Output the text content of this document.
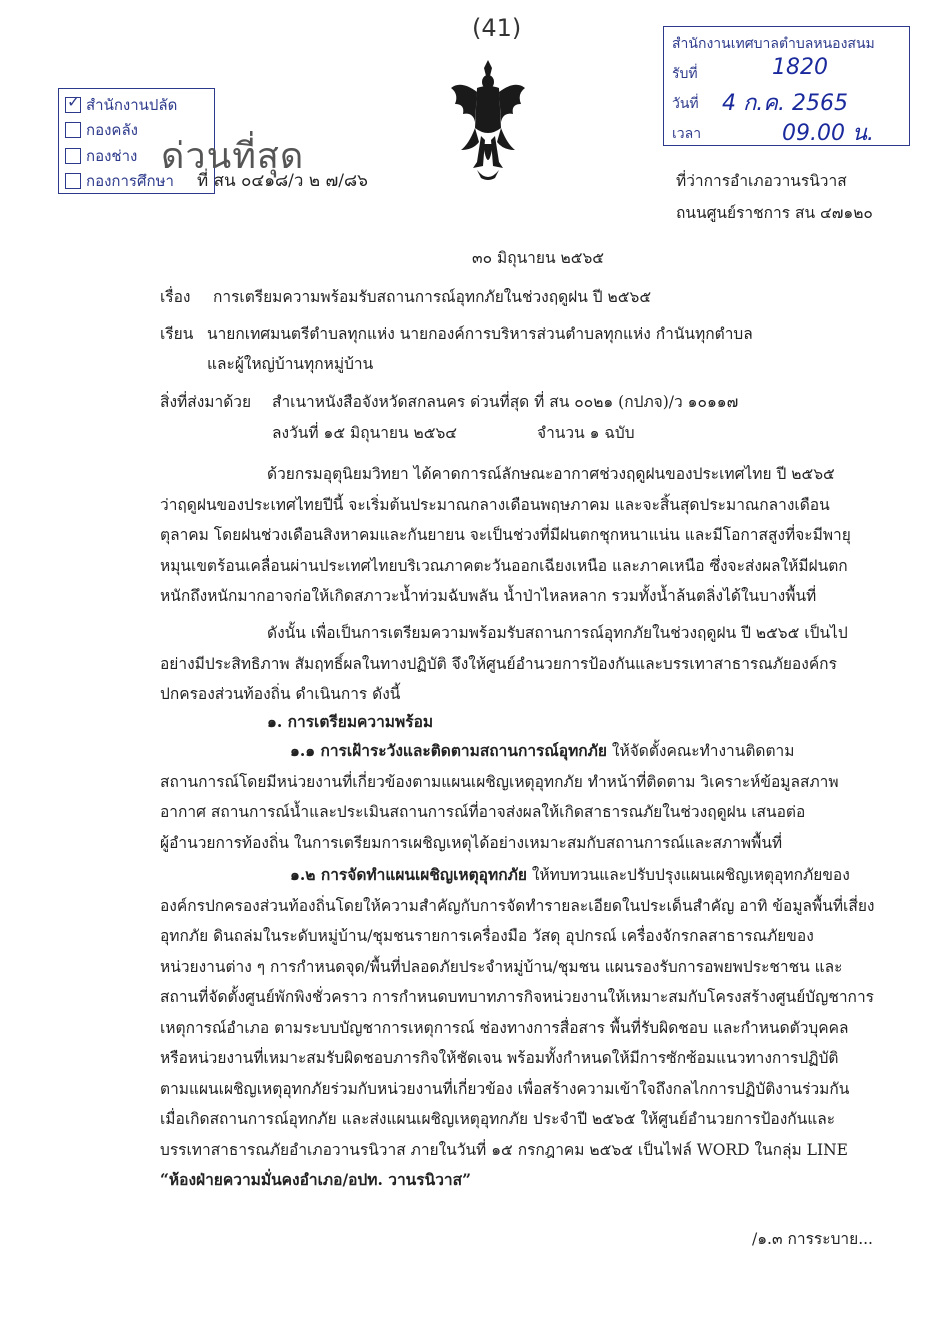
(41)
✓
สำนักงานปลัด
กองคลัง
กองช่าง
กองการศึกษา
ด่วนที่สุด
ที่ สน ๐๔๑๘/ว ๒ ๗/๘๖
สำนักงานเทศบาลตำบลหนองสนม
รับที่	1820
วันที่ 4 ก.ค. 2565
เวลา	09.00 น.
ที่ว่าการอำเภอวานรนิวาส
ถนนศูนย์ราชการ สน ๔๗๑๒๐
๓๐ มิถุนายน ๒๕๖๕
เรื่อง การเตรียมความพร้อมรับสถานการณ์อุทกภัยในช่วงฤดูฝน ปี ๒๕๖๕
เรียน นายกเทศมนตรีตำบลทุกแห่ง นายกองค์การบริหารส่วนตำบลทุกแห่ง กำนันทุกตำบล
และผู้ใหญ่บ้านทุกหมู่บ้าน
สิ่งที่ส่งมาด้วย สำเนาหนังสือจังหวัดสกลนคร ด่วนที่สุด ที่ สน ๐๐๒๑ (กปภจ)/ว ๑๐๑๑๗
ลงวันที่ ๑๕ มิถุนายน ๒๕๖๔	จำนวน ๑ ฉบับ

ด้วยกรมอุตุนิยมวิทยา ได้คาดการณ์ลักษณะอากาศช่วงฤดูฝนของประเทศไทย ปี ๒๕๖๕

ว่าฤดูฝนของประเทศไทยปีนี้ จะเริ่มต้นประมาณกลางเดือนพฤษภาคม และจะสิ้นสุดประมาณกลางเดือน

ตุลาคม โดยฝนช่วงเดือนสิงหาคมและกันยายน จะเป็นช่วงที่มีฝนตกชุกหนาแน่น และมีโอกาสสูงที่จะมีพายุ

หมุนเขตร้อนเคลื่อนผ่านประเทศไทยบริเวณภาคตะวันออกเฉียงเหนือ และภาคเหนือ ซึ่งจะส่งผลให้มีฝนตก

หนักถึงหนักมากอาจก่อให้เกิดสภาวะน้ำท่วมฉับพลัน น้ำป่าไหลหลาก รวมทั้งน้ำล้นตลิ่งได้ในบางพื้นที่

ดังนั้น เพื่อเป็นการเตรียมความพร้อมรับสถานการณ์อุทกภัยในช่วงฤดูฝน ปี ๒๕๖๕ เป็นไป

อย่างมีประสิทธิภาพ สัมฤทธิ์ผลในทางปฏิบัติ จึงให้ศูนย์อำนวยการป้องกันและบรรเทาสาธารณภัยองค์กร

ปกครองส่วนท้องถิ่น ดำเนินการ ดังนี้

๑. การเตรียมความพร้อม

๑.๑ การเฝ้าระวังและติดตามสถานการณ์อุทกภัย ให้จัดตั้งคณะทำงานติดตาม

สถานการณ์โดยมีหน่วยงานที่เกี่ยวข้องตามแผนเผชิญเหตุอุทกภัย ทำหน้าที่ติดตาม วิเคราะห์ข้อมูลสภาพ

อากาศ สถานการณ์น้ำและประเมินสถานการณ์ที่อาจส่งผลให้เกิดสาธารณภัยในช่วงฤดูฝน เสนอต่อ

ผู้อำนวยการท้องถิ่น ในการเตรียมการเผชิญเหตุได้อย่างเหมาะสมกับสถานการณ์และสภาพพื้นที่

๑.๒ การจัดทำแผนเผชิญเหตุอุทกภัย ให้ทบทวนและปรับปรุงแผนเผชิญเหตุอุทกภัยของ

องค์กรปกครองส่วนท้องถิ่นโดยให้ความสำคัญกับการจัดทำรายละเอียดในประเด็นสำคัญ อาทิ ข้อมูลพื้นที่เสี่ยง

อุทกภัย ดินถล่มในระดับหมู่บ้าน/ชุมชนรายการเครื่องมือ วัสดุ อุปกรณ์ เครื่องจักรกลสาธารณภัยของ

หน่วยงานต่าง ๆ การกำหนดจุด/พื้นที่ปลอดภัยประจำหมู่บ้าน/ชุมชน แผนรองรับการอพยพประชาชน และ

สถานที่จัดตั้งศูนย์พักพิงชั่วคราว การกำหนดบทบาทภารกิจหน่วยงานให้เหมาะสมกับโครงสร้างศูนย์บัญชาการ

เหตุการณ์อำเภอ ตามระบบบัญชาการเหตุการณ์ ช่องทางการสื่อสาร พื้นที่รับผิดชอบ และกำหนดตัวบุคคล

หรือหน่วยงานที่เหมาะสมรับผิดชอบภารกิจให้ชัดเจน พร้อมทั้งกำหนดให้มีการซักซ้อมแนวทางการปฏิบัติ

ตามแผนเผชิญเหตุอุทกภัยร่วมกับหน่วยงานที่เกี่ยวข้อง เพื่อสร้างความเข้าใจถึงกลไกการปฏิบัติงานร่วมกัน

เมื่อเกิดสถานการณ์อุทกภัย และส่งแผนเผชิญเหตุอุทกภัย ประจำปี ๒๕๖๕ ให้ศูนย์อำนวยการป้องกันและ

บรรเทาสาธารณภัยอำเภอวานรนิวาส ภายในวันที่ ๑๕ กรกฎาคม ๒๕๖๕ เป็นไฟล์ WORD ในกลุ่ม LINE

“ห้องฝ่ายความมั่นคงอำเภอ/อปท. วานรนิวาส”

/๑.๓ การระบาย...
